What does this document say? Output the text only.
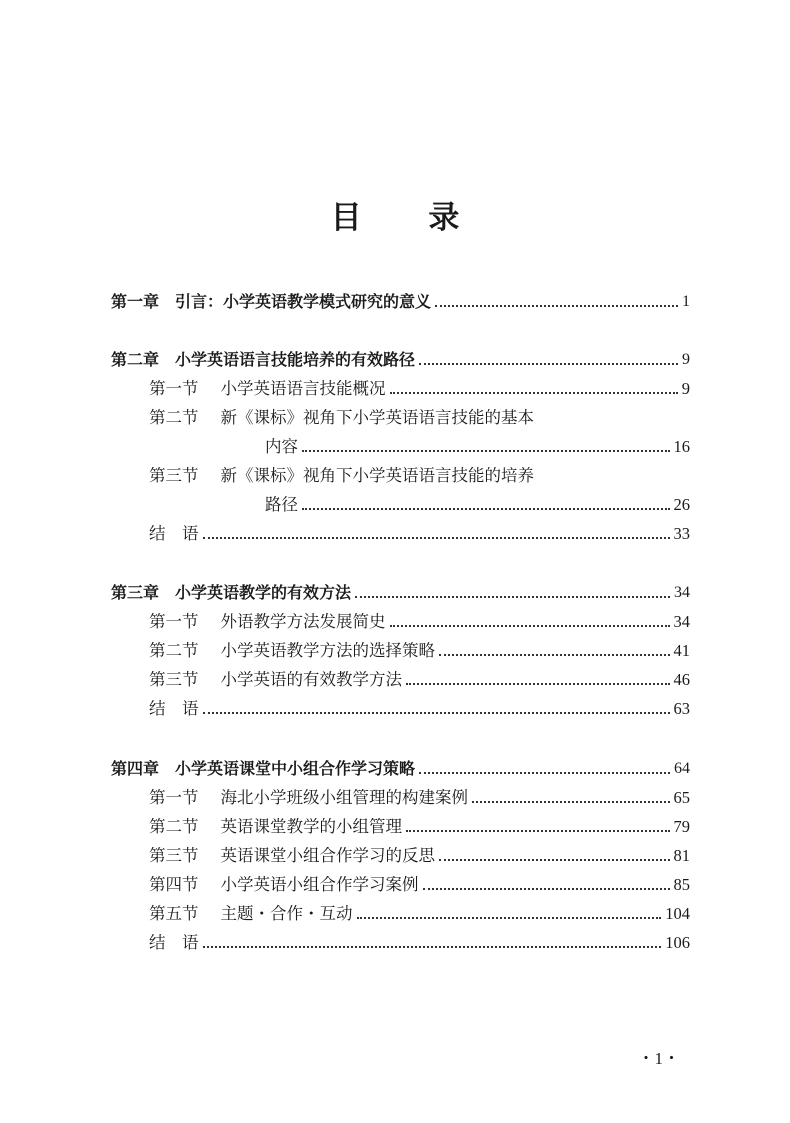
目 录
第一章 引言：小学英语教学模式研究的意义	1
第二章 小学英语语言技能培养的有效路径	9
第一节 小学英语语言技能概况	9
第二节 新《课标》视角下小学英语语言技能的基本
内容	16
第三节 新《课标》视角下小学英语语言技能的培养
路径	26
结　语	33
第三章 小学英语教学的有效方法	34
第一节 外语教学方法发展简史	34
第二节 小学英语教学方法的选择策略	41
第三节 小学英语的有效教学方法	46
结　语	63
第四章 小学英语课堂中小组合作学习策略	64
第一节 海北小学班级小组管理的构建案例	65
第二节 英语课堂教学的小组管理	79
第三节 英语课堂小组合作学习的反思	81
第四节 小学英语小组合作学习案例	85
第五节 主题・合作・互动	104
结　语	106
・1・
